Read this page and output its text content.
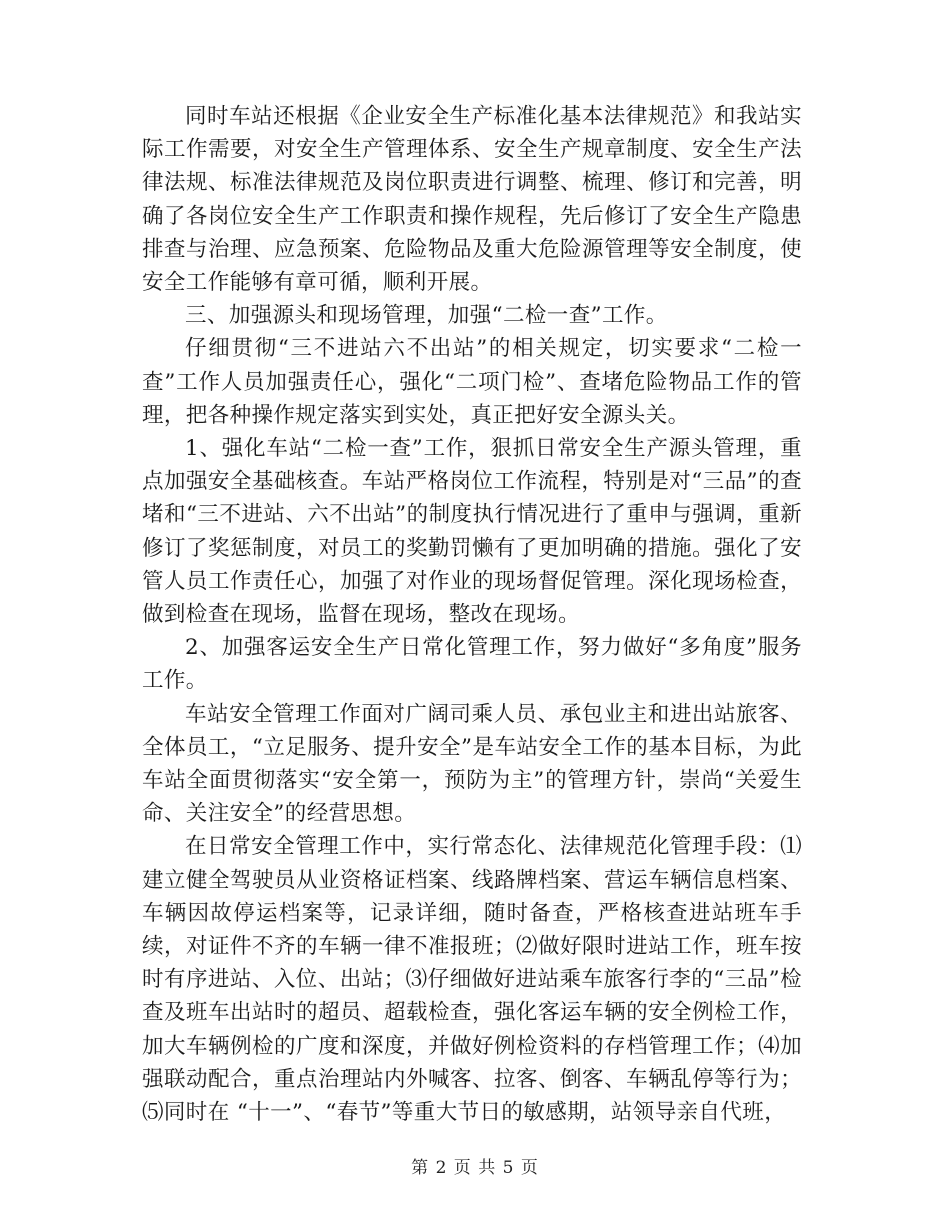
同时车站还根据《企业安全生产标准化基本法律规范》和我站实际工作需要，对安全生产管理体系、安全生产规章制度、安全生产法律法规、标准法律规范及岗位职责进行调整、梳理、修订和完善，明确了各岗位安全生产工作职责和操作规程，先后修订了安全生产隐患排查与治理、应急预案、危险物品及重大危险源管理等安全制度，使安全工作能够有章可循，顺利开展。

三、加强源头和现场管理，加强“二检一查”工作。

仔细贯彻“三不进站六不出站”的相关规定，切实要求“二检一查”工作人员加强责任心，强化“二项门检”、查堵危险物品工作的管理，把各种操作规定落实到实处，真正把好安全源头关。

1、强化车站“二检一查”工作，狠抓日常安全生产源头管理，重点加强安全基础核查。车站严格岗位工作流程，特别是对“三品”的查堵和“三不进站、六不出站”的制度执行情况进行了重申与强调，重新修订了奖惩制度，对员工的奖勤罚懒有了更加明确的措施。强化了安管人员工作责任心，加强了对作业的现场督促管理。深化现场检查，做到检查在现场，监督在现场，整改在现场。

2、加强客运安全生产日常化管理工作，努力做好“多角度”服务工作。

车站安全管理工作面对广阔司乘人员、承包业主和进出站旅客、全体员工，“立足服务、提升安全”是车站安全工作的基本目标，为此车站全面贯彻落实“安全第一，预防为主”的管理方针，崇尚“关爱生命、关注安全”的经营思想。

在日常安全管理工作中，实行常态化、法律规范化管理手段：⑴建立健全驾驶员从业资格证档案、线路牌档案、营运车辆信息档案、车辆因故停运档案等，记录详细，随时备查，严格核查进站班车手续，对证件不齐的车辆一律不准报班；⑵做好限时进站工作，班车按时有序进站、入位、出站；⑶仔细做好进站乘车旅客行李的“三品”检查及班车出站时的超员、超载检查，强化客运车辆的安全例检工作，加大车辆例检的广度和深度，并做好例检资料的存档管理工作；⑷加强联动配合，重点治理站内外喊客、拉客、倒客、车辆乱停等行为；⑸同时在 “十一”、“春节”等重大节日的敏感期，站领导亲自代班，

第 2 页 共 5 页
